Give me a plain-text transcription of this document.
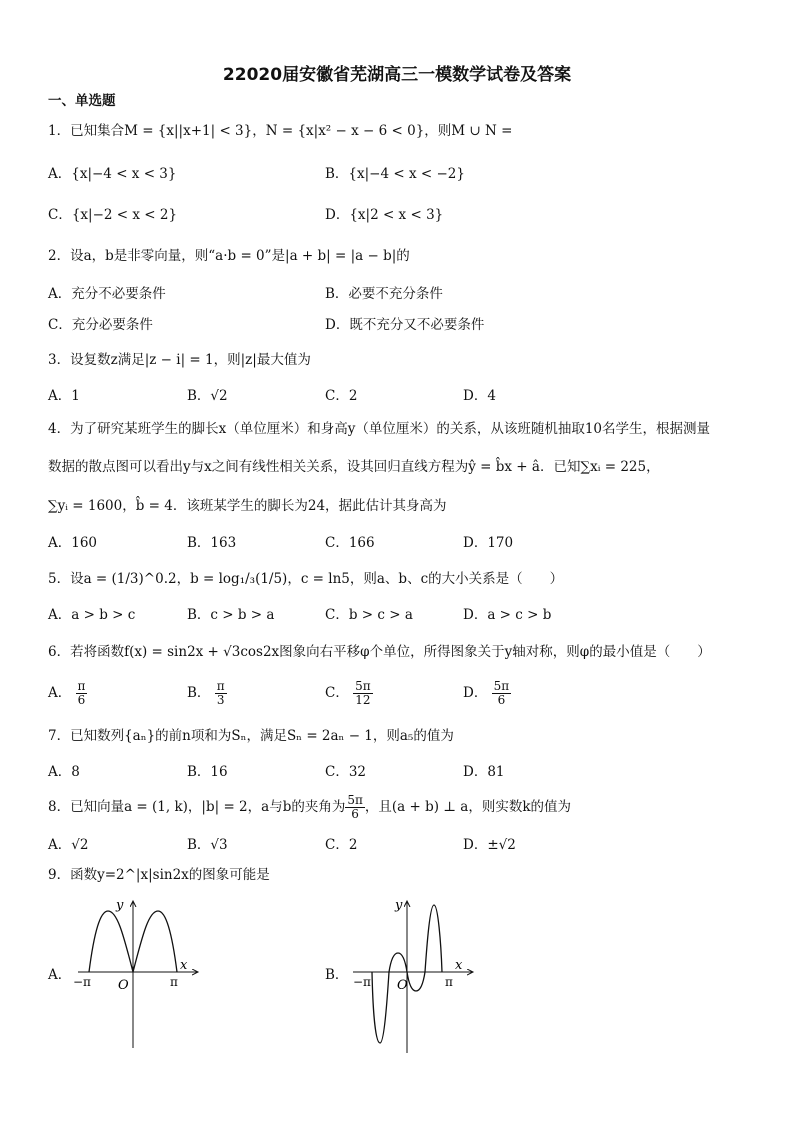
22020届安徽省芜湖高三一模数学试卷及答案
一、单选题
1．已知集合M = {x||x+1| < 3}，N = {x|x² − x − 6 < 0}，则M ∪ N =
A．{x|−4 < x < 3}	B．{x|−4 < x < −2}
C．{x|−2 < x < 2}	D．{x|2 < x < 3}
2．设a，b是非零向量，则“a·b = 0”是|a + b| = |a − b|的
A．充分不必要条件	B．必要不充分条件
C．充分必要条件	D．既不充分又不必要条件
3．设复数z满足|z − i| = 1，则|z|最大值为
A．1	B．√2	C．2	D．4
4．为了研究某班学生的脚长x（单位厘米）和身高y（单位厘米）的关系，从该班随机抽取10名学生，根据测量
数据的散点图可以看出y与x之间有线性相关关系，设其回归直线方程为ŷ = b̂x + â．已知∑xᵢ = 225，
∑yᵢ = 1600，b̂ = 4．该班某学生的脚长为24，据此估计其身高为
A．160	B．163	C．166	D．170
5．设a = (1/3)^0.2，b = log₁/₃(1/5)，c = ln5，则a、b、c的大小关系是（　　）
A．a > b > c	B．c > b > a	C．b > c > a	D．a > c > b
6．若将函数f(x) = sin2x + √3cos2x图象向右平移φ个单位，所得图象关于y轴对称，则φ的最小值是（　　）
A． $\frac{\pi}{6}$	B． $\frac{\pi}{3}$	C． $\frac{5\pi}{12}$	D． $\frac{5\pi}{6}$
7．已知数列{aₙ}的前n项和为Sₙ，满足Sₙ = 2aₙ − 1，则a₅的值为
A．8	B．16	C．32	D．81
8．已知向量a = (1, k)，|b| = 2，a与b的夹角为 $\frac{5\pi}{6}$ ，且(a + b) ⊥ a，则实数k的值为
A．√2	B．√3	C．2	D．±√2
9．函数y=2^|x|sin2x的图象可能是
A．	B．
y
x
O
−π	π
y
x
O
−π	π
